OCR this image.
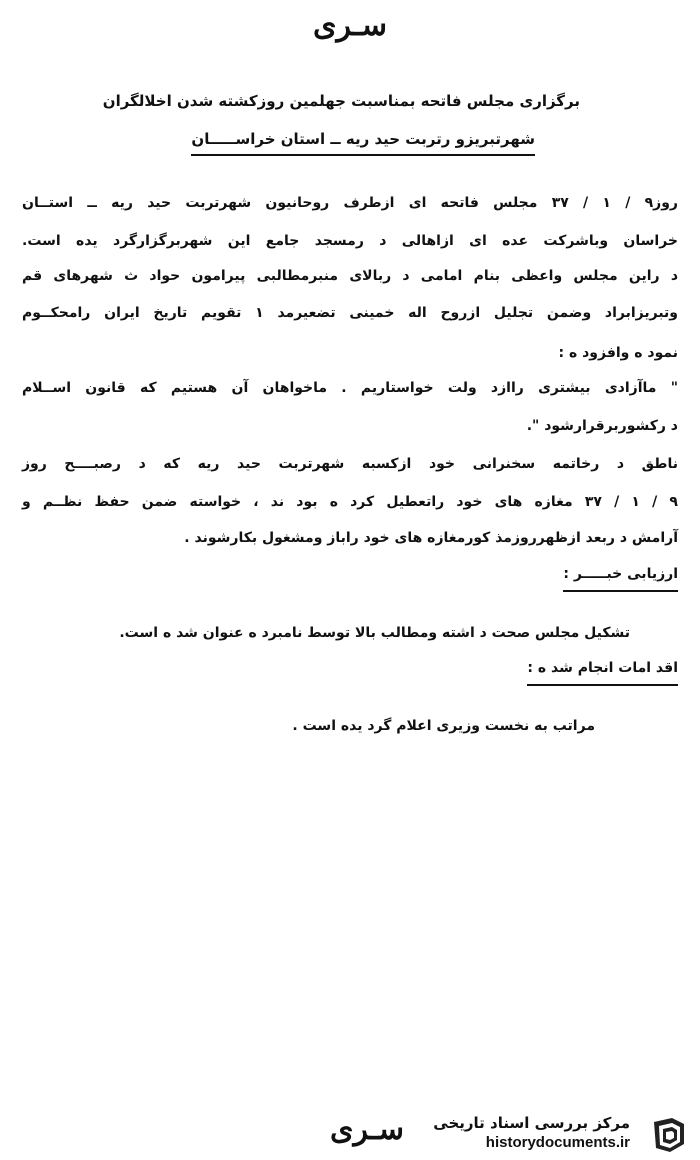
سـرى
برگزاری مجلس فاتحه بمناسبت جهلمین روزکشته شدن اخلالگران
شهرتبریزو رتربت حید ریه ــ استان خراســـــان
روز۹ / ۱ / ۳۷ مجلس فاتحه ای ازطرف روحانیون شهرتربت حید ریه ــ استــان
خراسان وباشرکت عده ای ازاهالی د رمسجد جامع این شهربرگزارگرد یده است.
د راین مجلس واعظی بنام امامی د ربالای منبرمطالبی پیرامون حواد ث شهرهای قم
وتبریزابراد وضمن تجلیل ازروح اله خمینی تضعیرمد ۱ تقویم تاریخ ایران رامحکــوم
نمود ه وافزود ه :
" ماآزادی بیشتری راازد ولت خواستاریم . ماخواهان آن هستیم که قانون اســلام
د رکشوربرقرارشود ".
ناطق د رخاتمه سخنرانی خود ازکسبه شهرتربت حید ریه که د رصبــــح روز
۹ / ۱ / ۳۷ مغازه های خود راتعطیل کرد ه بود ند ، خواسته ضمن حفظ نظــم و
آرامش د ربعد ازظهرروزمذ کورمغازه های خود راباز ومشغول بکارشوند .
ارزیابی خبـــــر :
تشکیل مجلس صحت د اشته ومطالب بالا توسط نامبرد ه عنوان شد ه است.
اقد امات انجام شد ه :
مراتب به نخست وزیری اعلام گرد یده است .
سـرى مرکز بررسی اسناد تاریخی
historydocuments.ir
